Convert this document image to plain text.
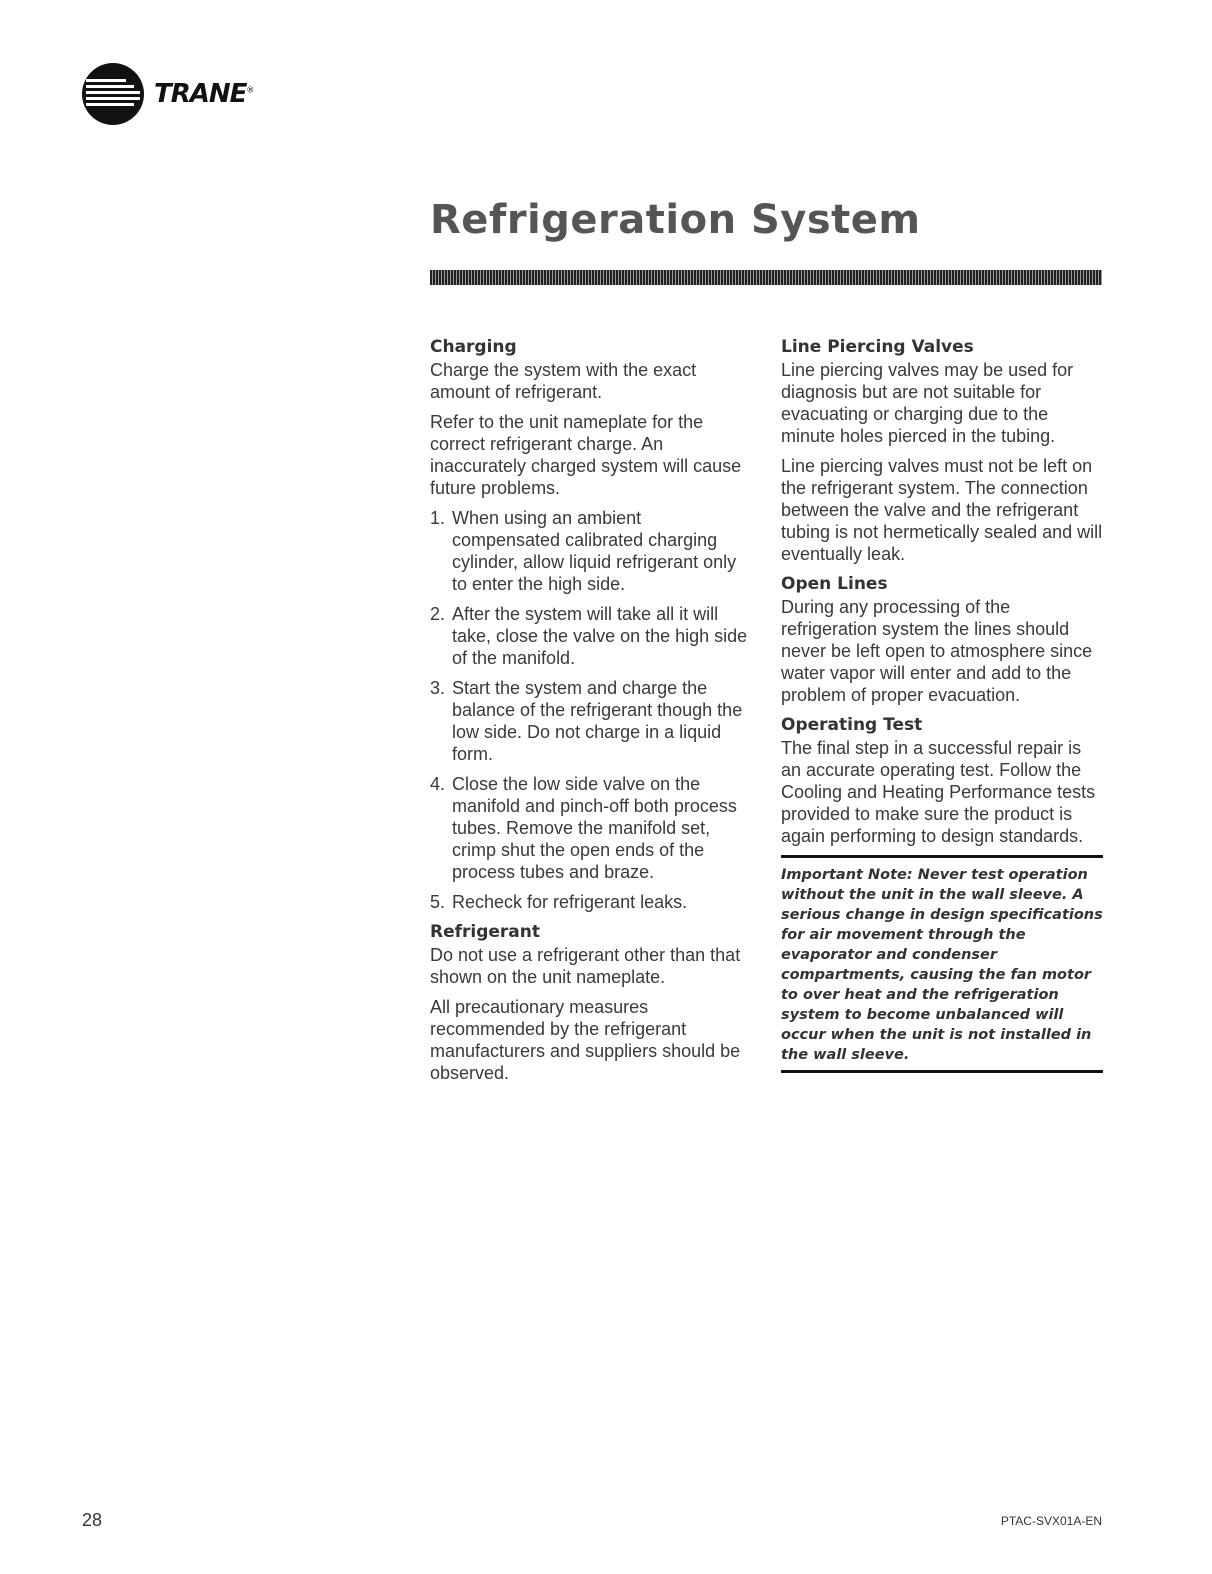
TRANE®
Refrigeration System
Charging

Charge the system with the exact amount of refrigerant.

Refer to the unit nameplate for the correct refrigerant charge. An inaccurately charged system will cause future problems.

1. When using an ambient compensated calibrated charging cylinder, allow liquid refrigerant only to enter the high side.
2. After the system will take all it will take, close the valve on the high side of the manifold.
3. Start the system and charge the balance of the refrigerant though the low side. Do not charge in a liquid form.
4. Close the low side valve on the manifold and pinch-off both process tubes. Remove the manifold set, crimp shut the open ends of the process tubes and braze.
5. Recheck for refrigerant leaks.
Refrigerant

Do not use a refrigerant other than that shown on the unit nameplate.

All precautionary measures recommended by the refrigerant manufacturers and suppliers should be observed.

Line Piercing Valves

Line piercing valves may be used for diagnosis but are not suitable for evacuating or charging due to the minute holes pierced in the tubing.

Line piercing valves must not be left on the refrigerant system. The connection between the valve and the refrigerant tubing is not hermetically sealed and will eventually leak.

Open Lines

During any processing of the refrigeration system the lines should never be left open to atmosphere since water vapor will enter and add to the problem of proper evacuation.

Operating Test

The final step in a successful repair is an accurate operating test. Follow the Cooling and Heating Performance tests provided to make sure the product is again performing to design standards.

Important Note: Never test operation without the unit in the wall sleeve. A serious change in design specifications for air movement through the evaporator and condenser compartments, causing the fan motor to over heat and the refrigeration system to become unbalanced will occur when the unit is not installed in the wall sleeve.

28	PTAC-SVX01A-EN
